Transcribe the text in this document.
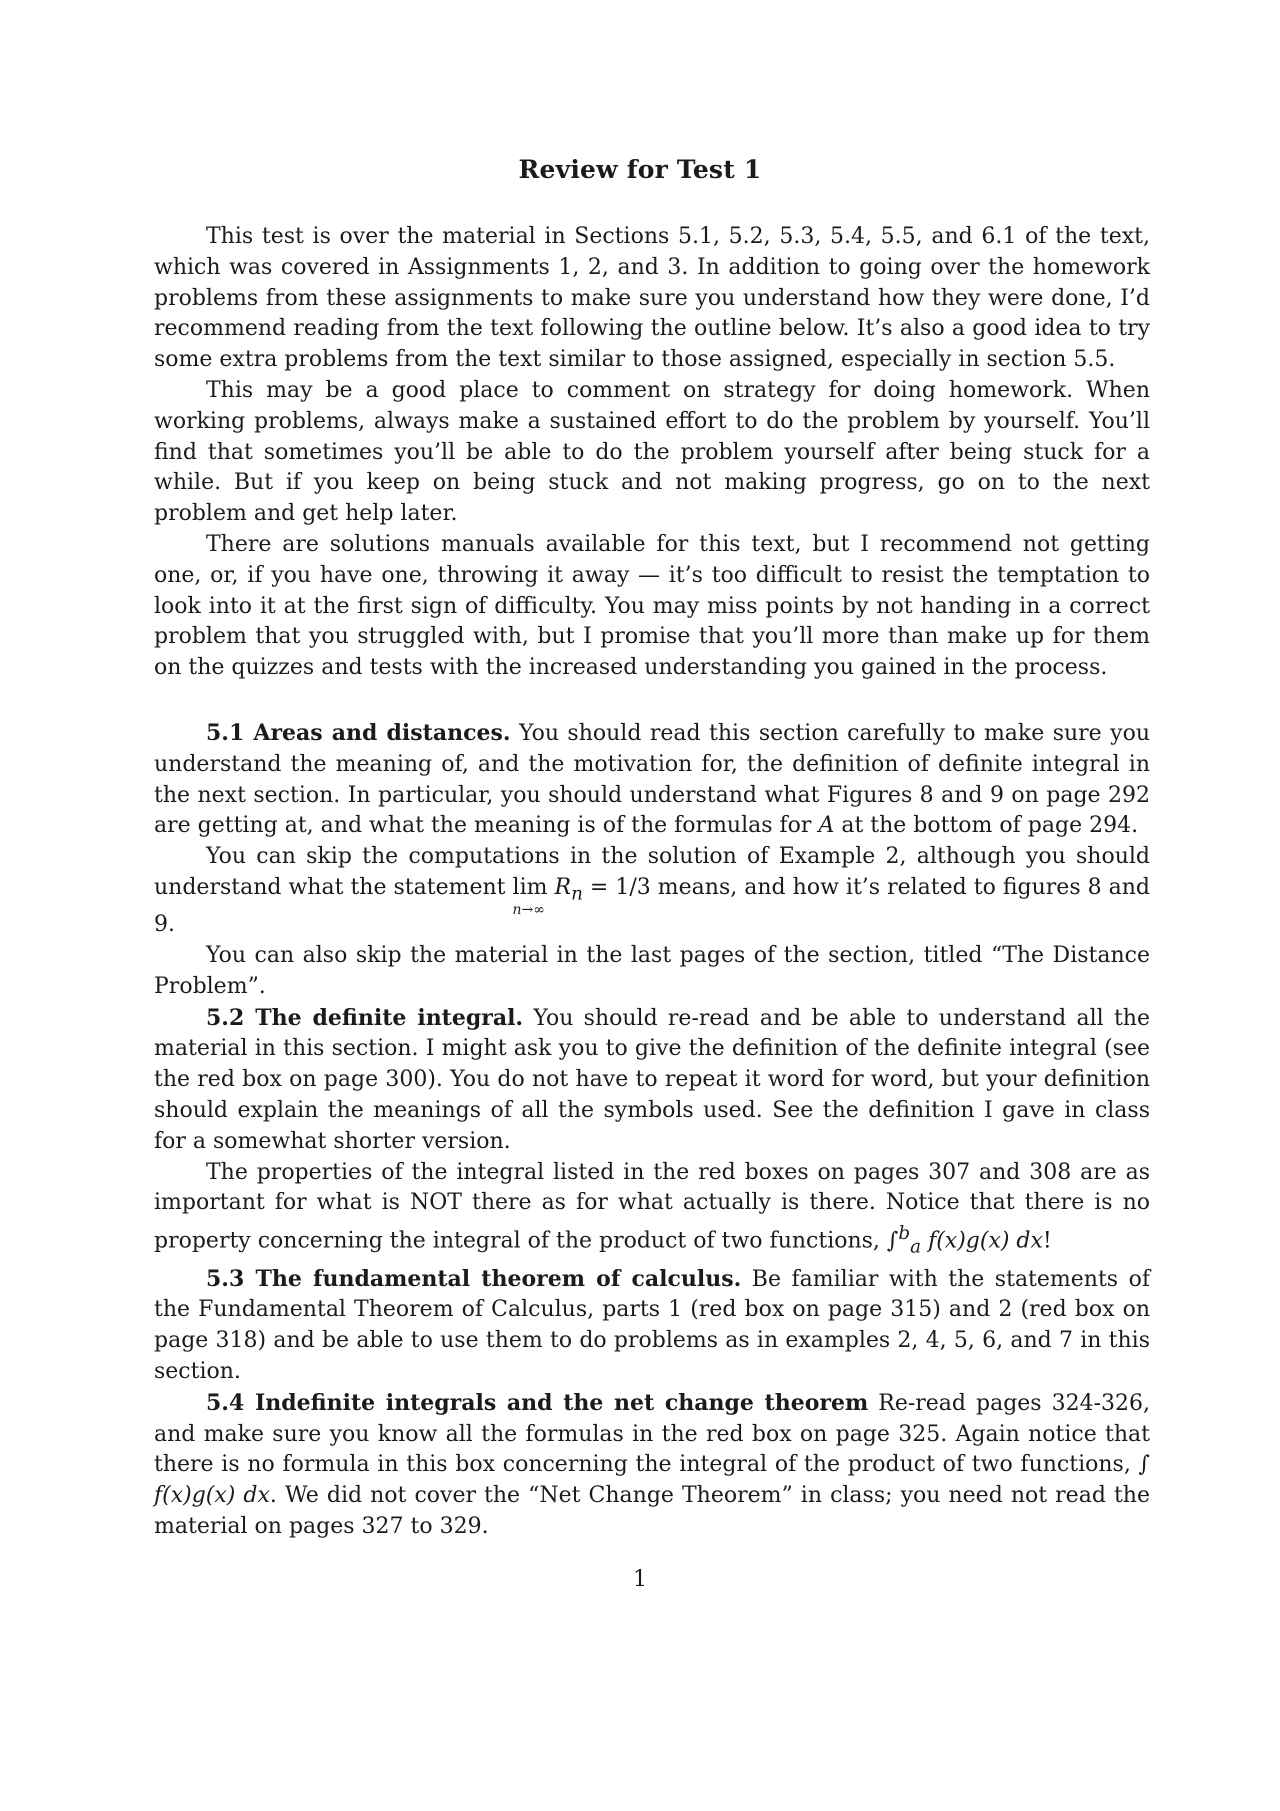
Review for Test 1

This test is over the material in Sections 5.1, 5.2, 5.3, 5.4, 5.5, and 6.1 of the text, which was covered in Assignments 1, 2, and 3. In addition to going over the homework problems from these assignments to make sure you understand how they were done, I’d recommend reading from the text following the outline below. It’s also a good idea to try some extra problems from the text similar to those assigned, especially in section 5.5.

This may be a good place to comment on strategy for doing homework. When working problems, always make a sustained effort to do the problem by yourself. You’ll find that sometimes you’ll be able to do the problem yourself after being stuck for a while. But if you keep on being stuck and not making progress, go on to the next problem and get help later.

There are solutions manuals available for this text, but I recommend not getting one, or, if you have one, throwing it away — it’s too difficult to resist the temptation to look into it at the first sign of difficulty. You may miss points by not handing in a correct problem that you struggled with, but I promise that you’ll more than make up for them on the quizzes and tests with the increased understanding you gained in the process.

5.1 Areas and distances. You should read this section carefully to make sure you understand the meaning of, and the motivation for, the definition of definite integral in the next section. In particular, you should understand what Figures 8 and 9 on page 292 are getting at, and what the meaning is of the formulas for A at the bottom of page 294.

You can skip the computations in the solution of Example 2, although you should understand what the statement lim
n→∞
$R_n = 1/3$ means, and how it’s related to figures 8 and 9.

You can also skip the material in the last pages of the section, titled “The Distance Problem”.

5.2 The definite integral. You should re-read and be able to understand all the material in this section. I might ask you to give the definition of the definite integral (see the red box on page 300). You do not have to repeat it word for word, but your definition should explain the meanings of all the symbols used. See the definition I gave in class for a somewhat shorter version.

The properties of the integral listed in the red boxes on pages 307 and 308 are as important for what is NOT there as for what actually is there. Notice that there is no property concerning the integral of the product of two functions, ∫$^b_a$ f(x)g(x) dx!

5.3 The fundamental theorem of calculus. Be familiar with the statements of the Fundamental Theorem of Calculus, parts 1 (red box on page 315) and 2 (red box on page 318) and be able to use them to do problems as in examples 2, 4, 5, 6, and 7 in this section.

5.4 Indefinite integrals and the net change theorem Re-read pages 324-326, and make sure you know all the formulas in the red box on page 325. Again notice that there is no formula in this box concerning the integral of the product of two functions, ∫ f(x)g(x) dx. We did not cover the “Net Change Theorem” in class; you need not read the material on pages 327 to 329.

1
